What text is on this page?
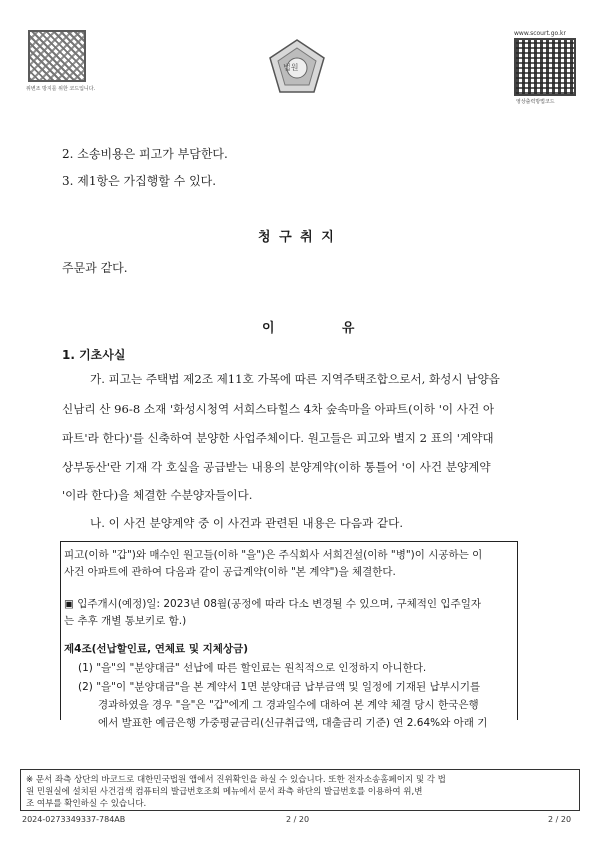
위변조 방지를 위한 코드입니다.
법원
www.scourt.go.kr
영상출력방법코드
2. 소송비용은 피고가 부담한다.
3. 제1항은 가집행할 수 있다.
청 구 취 지
주문과 같다.
이          유
1. 기초사실
가. 피고는 주택법 제2조 제11호 가목에 따른 지역주택조합으로서, 화성시 남양읍
신남리 산 96-8 소재 '화성시청역 서희스타힐스 4차 숲속마을 아파트(이하 '이 사건 아
파트'라 한다)'를 신축하여 분양한 사업주체이다. 원고들은 피고와 별지 2 표의 '계약대
상부동산'란 기재 각 호실을 공급받는 내용의 분양계약(이하 통틀어 '이 사건 분양계약
'이라 한다)을 체결한 수분양자들이다.
나. 이 사건 분양계약 중 이 사건과 관련된 내용은 다음과 같다.
피고(이하 "갑")와 매수인 원고들(이하 "을")은 주식회사 서희건설(이하 "병")이 시공하는 이
사건 아파트에 관하여 다음과 같이 공급계약(이하 "본 계약")을 체결한다.
▣ 입주개시(예정)일: 2023년 08월(공정에 따라 다소 변경될 수 있으며, 구체적인 입주일자
는 추후 개별 통보키로 함.)
제4조(선납할인료, 연체료 및 지체상금)
(1) "을"의 "분양대금" 선납에 따른 할인료는 원칙적으로 인정하지 아니한다.
(2) "을"이 "분양대금"을 본 계약서 1면 분양대금 납부금액 및 일정에 기재된 납부시기를
경과하였을 경우 "을"은 "갑"에게 그 경과일수에 대하여 본 계약 체결 당시 한국은행
에서 발표한 예금은행 가중평균금리(신규취급액, 대출금리 기준) 연 2.64%와 아래 기
※ 문서 좌측 상단의 바코드로 대한민국법원 앱에서 진위확인을 하실 수 있습니다. 또한 전자소송홈페이지 및 각 법
원 민원실에 설치된 사건검색 컴퓨터의 발급번호조회 메뉴에서 문서 좌측 하단의 발급번호를 이용하여 위,변
조 여부를 확인하실 수 있습니다.
2024-0273349337-784AB	2 / 20	2 / 20
